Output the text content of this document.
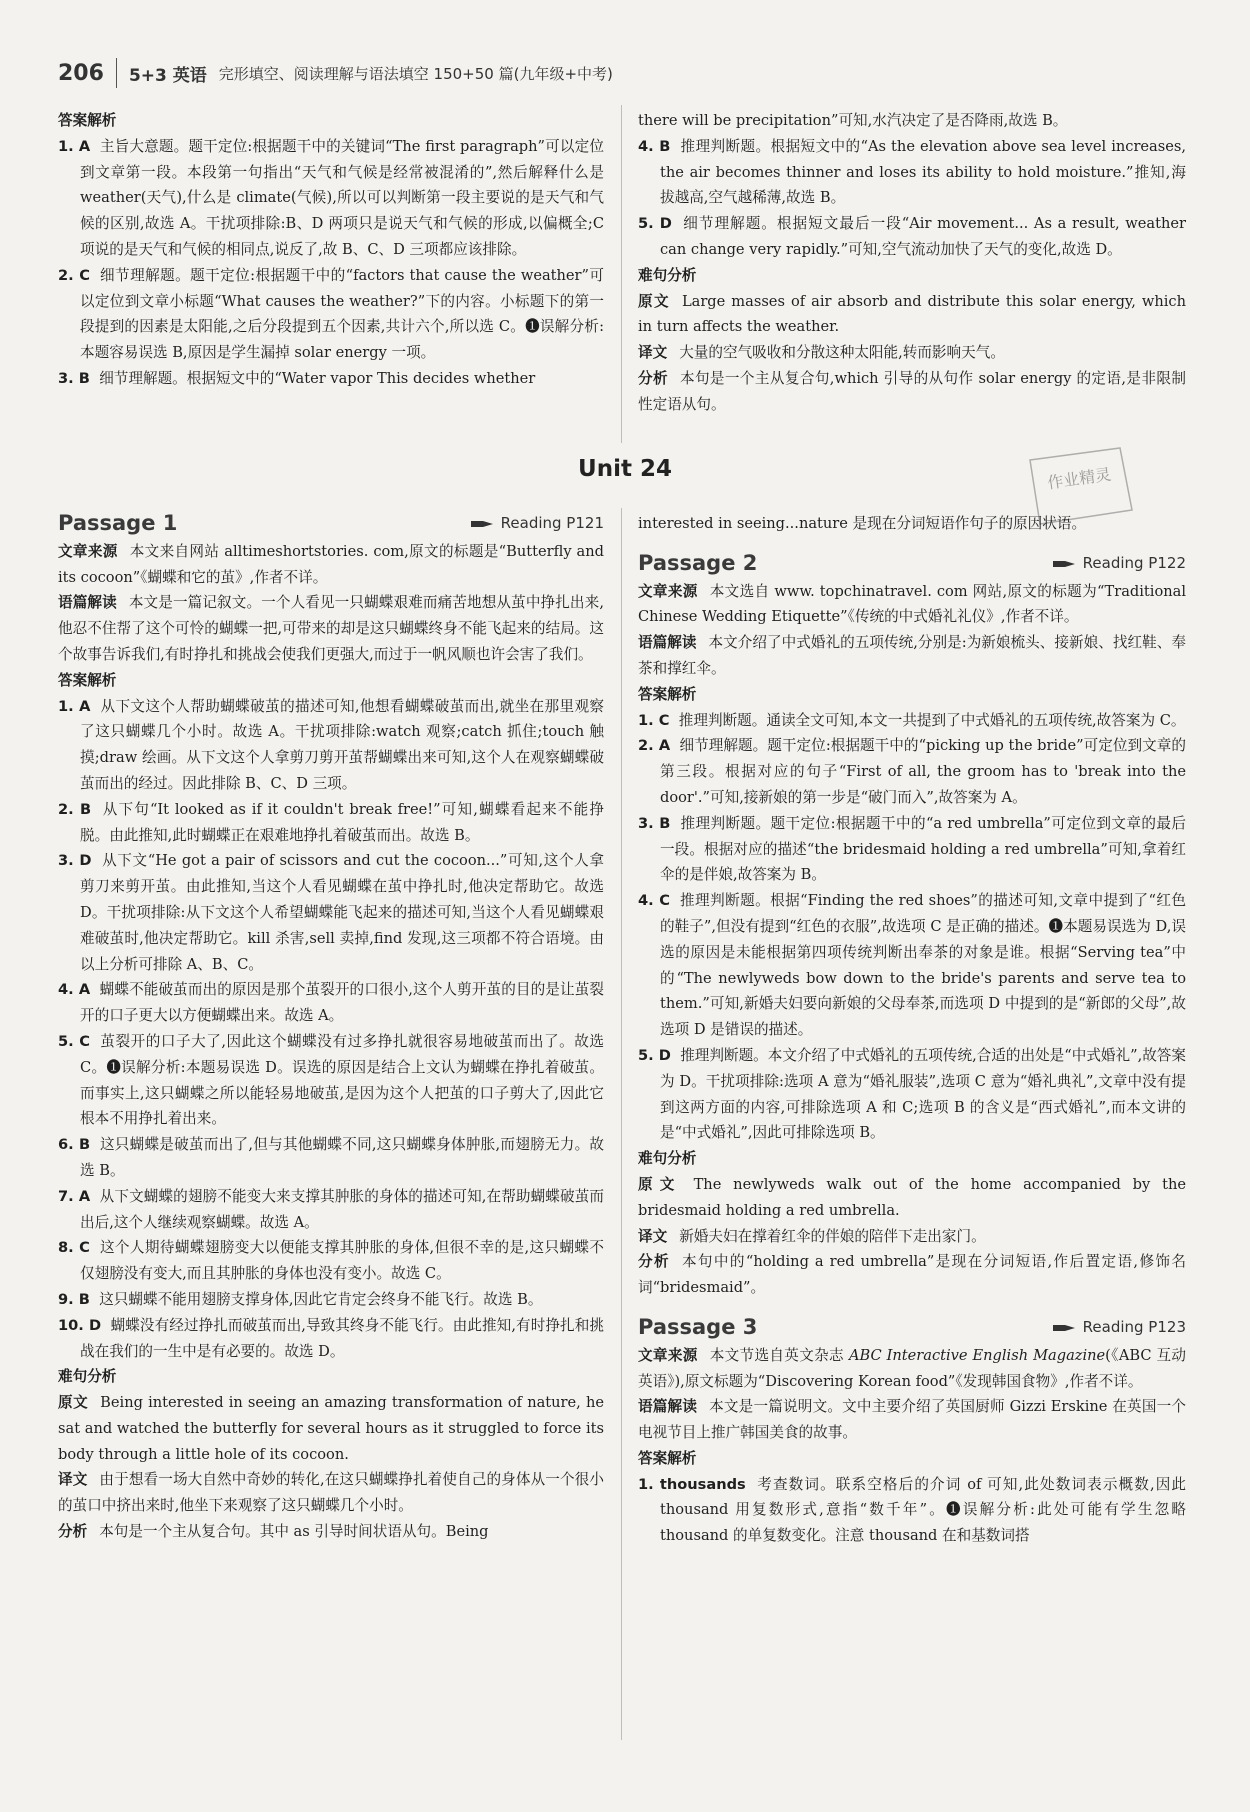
206 5+3 英语 完形填空、阅读理解与语法填空 150+50 篇(九年级+中考)
答案解析
1. A 主旨大意题。题干定位:根据题干中的关键词“The first paragraph”可以定位到文章第一段。本段第一句指出“天气和气候是经常被混淆的”,然后解释什么是 weather(天气),什么是 climate(气候),所以可以判断第一段主要说的是天气和气候的区别,故选 A。干扰项排除:B、D 两项只是说天气和气候的形成,以偏概全;C 项说的是天气和气候的相同点,说反了,故 B、C、D 三项都应该排除。
2. C 细节理解题。题干定位:根据题干中的“factors that cause the weather”可以定位到文章小标题“What causes the weather?”下的内容。小标题下的第一段提到的因素是太阳能,之后分段提到五个因素,共计六个,所以选 C。❶误解分析:本题容易误选 B,原因是学生漏掉 solar energy 一项。
3. B 细节理解题。根据短文中的“Water vapor This decides whether
there will be precipitation”可知,水汽决定了是否降雨,故选 B。
4. B 推理判断题。根据短文中的“As the elevation above sea level increases, the air becomes thinner and loses its ability to hold moisture.”推知,海拔越高,空气越稀薄,故选 B。
5. D 细节理解题。根据短文最后一段“Air movement... As a result, weather can change very rapidly.”可知,空气流动加快了天气的变化,故选 D。
难句分析
原文 Large masses of air absorb and distribute this solar energy, which in turn affects the weather.
译文 大量的空气吸收和分散这种太阳能,转而影响天气。
分析 本句是一个主从复合句,which 引导的从句作 solar energy 的定语,是非限制性定语从句。
Unit 24	作业精灵
Passage 1	Reading P121
文章来源 本文来自网站 alltimeshortstories. com,原文的标题是“Butterfly and its cocoon”《蝴蝶和它的茧》,作者不详。
语篇解读 本文是一篇记叙文。一个人看见一只蝴蝶艰难而痛苦地想从茧中挣扎出来,他忍不住帮了这个可怜的蝴蝶一把,可带来的却是这只蝴蝶终身不能飞起来的结局。这个故事告诉我们,有时挣扎和挑战会使我们更强大,而过于一帆风顺也许会害了我们。
答案解析
1. A 从下文这个人帮助蝴蝶破茧的描述可知,他想看蝴蝶破茧而出,就坐在那里观察了这只蝴蝶几个小时。故选 A。干扰项排除:watch 观察;catch 抓住;touch 触摸;draw 绘画。从下文这个人拿剪刀剪开茧帮蝴蝶出来可知,这个人在观察蝴蝶破茧而出的经过。因此排除 B、C、D 三项。
2. B 从下句“It looked as if it couldn't break free!”可知,蝴蝶看起来不能挣脱。由此推知,此时蝴蝶正在艰难地挣扎着破茧而出。故选 B。
3. D 从下文“He got a pair of scissors and cut the cocoon...”可知,这个人拿剪刀来剪开茧。由此推知,当这个人看见蝴蝶在茧中挣扎时,他决定帮助它。故选 D。干扰项排除:从下文这个人希望蝴蝶能飞起来的描述可知,当这个人看见蝴蝶艰难破茧时,他决定帮助它。kill 杀害,sell 卖掉,find 发现,这三项都不符合语境。由以上分析可排除 A、B、C。
4. A 蝴蝶不能破茧而出的原因是那个茧裂开的口很小,这个人剪开茧的目的是让茧裂开的口子更大以方便蝴蝶出来。故选 A。
5. C 茧裂开的口子大了,因此这个蝴蝶没有过多挣扎就很容易地破茧而出了。故选 C。❶误解分析:本题易误选 D。误选的原因是结合上文认为蝴蝶在挣扎着破茧。而事实上,这只蝴蝶之所以能轻易地破茧,是因为这个人把茧的口子剪大了,因此它根本不用挣扎着出来。
6. B 这只蝴蝶是破茧而出了,但与其他蝴蝶不同,这只蝴蝶身体肿胀,而翅膀无力。故选 B。
7. A 从下文蝴蝶的翅膀不能变大来支撑其肿胀的身体的描述可知,在帮助蝴蝶破茧而出后,这个人继续观察蝴蝶。故选 A。
8. C 这个人期待蝴蝶翅膀变大以便能支撑其肿胀的身体,但很不幸的是,这只蝴蝶不仅翅膀没有变大,而且其肿胀的身体也没有变小。故选 C。
9. B 这只蝴蝶不能用翅膀支撑身体,因此它肯定会终身不能飞行。故选 B。
10. D 蝴蝶没有经过挣扎而破茧而出,导致其终身不能飞行。由此推知,有时挣扎和挑战在我们的一生中是有必要的。故选 D。
难句分析
原文 Being interested in seeing an amazing transformation of nature, he sat and watched the butterfly for several hours as it struggled to force its body through a little hole of its cocoon.
译文 由于想看一场大自然中奇妙的转化,在这只蝴蝶挣扎着使自己的身体从一个很小的茧口中挤出来时,他坐下来观察了这只蝴蝶几个小时。
分析 本句是一个主从复合句。其中 as 引导时间状语从句。Being
interested in seeing...nature 是现在分词短语作句子的原因状语。
Passage 2	Reading P122
文章来源 本文选自 www. topchinatravel. com 网站,原文的标题为“Traditional Chinese Wedding Etiquette”《传统的中式婚礼礼仪》,作者不详。
语篇解读 本文介绍了中式婚礼的五项传统,分别是:为新娘梳头、接新娘、找红鞋、奉茶和撑红伞。
答案解析
1. C 推理判断题。通读全文可知,本文一共提到了中式婚礼的五项传统,故答案为 C。
2. A 细节理解题。题干定位:根据题干中的“picking up the bride”可定位到文章的第三段。根据对应的句子“First of all, the groom has to 'break into the door'.”可知,接新娘的第一步是“破门而入”,故答案为 A。
3. B 推理判断题。题干定位:根据题干中的“a red umbrella”可定位到文章的最后一段。根据对应的描述“the bridesmaid holding a red umbrella”可知,拿着红伞的是伴娘,故答案为 B。
4. C 推理判断题。根据“Finding the red shoes”的描述可知,文章中提到了“红色的鞋子”,但没有提到“红色的衣服”,故选项 C 是正确的描述。❶本题易误选为 D,误选的原因是未能根据第四项传统判断出奉茶的对象是谁。根据“Serving tea”中的“The newlyweds bow down to the bride's parents and serve tea to them.”可知,新婚夫妇要向新娘的父母奉茶,而选项 D 中提到的是“新郎的父母”,故选项 D 是错误的描述。
5. D 推理判断题。本文介绍了中式婚礼的五项传统,合适的出处是“中式婚礼”,故答案为 D。干扰项排除:选项 A 意为“婚礼服装”,选项 C 意为“婚礼典礼”,文章中没有提到这两方面的内容,可排除选项 A 和 C;选项 B 的含义是“西式婚礼”,而本文讲的是“中式婚礼”,因此可排除选项 B。
难句分析
原文 The newlyweds walk out of the home accompanied by the bridesmaid holding a red umbrella.
译文 新婚夫妇在撑着红伞的伴娘的陪伴下走出家门。
分析 本句中的“holding a red umbrella”是现在分词短语,作后置定语,修饰名词“bridesmaid”。
Passage 3	Reading P123
文章来源 本文节选自英文杂志 ABC Interactive English Magazine(《ABC 互动英语》),原文标题为“Discovering Korean food”《发现韩国食物》,作者不详。
语篇解读 本文是一篇说明文。文中主要介绍了英国厨师 Gizzi Erskine 在英国一个电视节目上推广韩国美食的故事。
答案解析
1. thousands 考查数词。联系空格后的介词 of 可知,此处数词表示概数,因此 thousand 用复数形式,意指“数千年”。❶误解分析:此处可能有学生忽略 thousand 的单复数变化。注意 thousand 在和基数词搭
